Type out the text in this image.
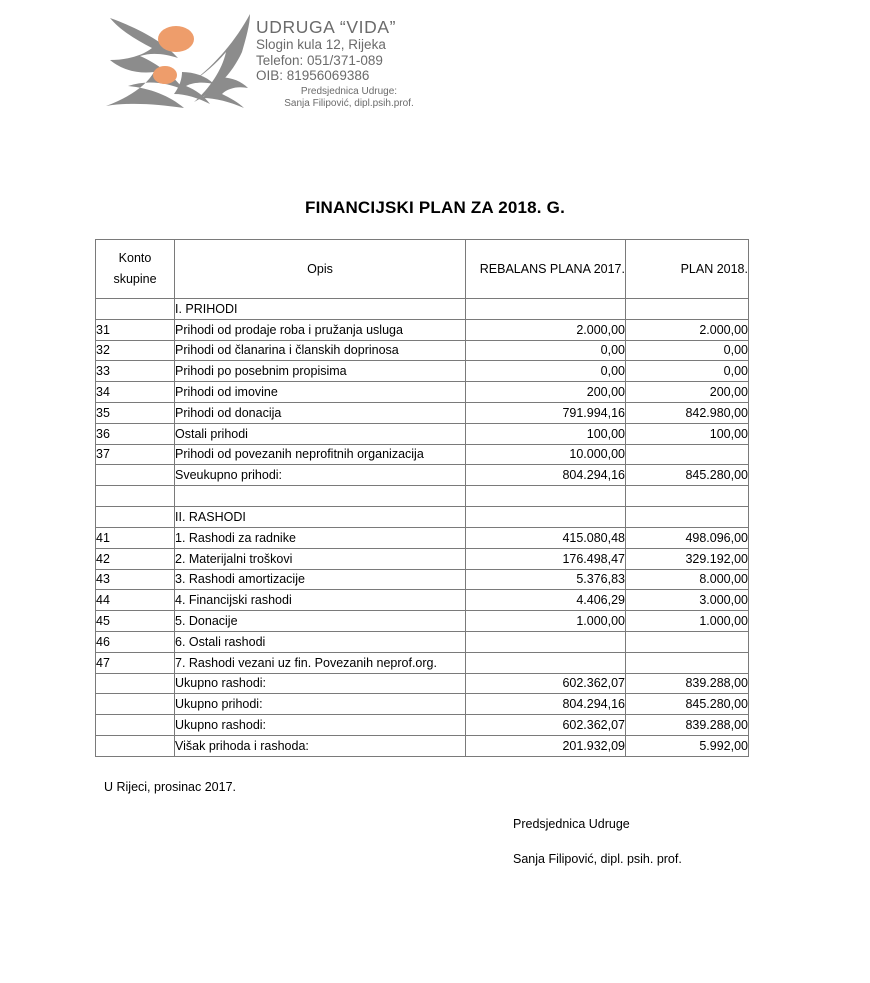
UDRUGA “VIDA”
Slogin kula 12, Rijeka
Telefon: 051/371-089
OIB: 81956069386
Predsjednica Udruge:
Sanja Filipović, dipl.psih.prof.
FINANCIJSKI PLAN ZA 2018. G.
Konto
skupine	Opis	REBALANS PLANA 2017.	PLAN 2018.
	I. PRIHODI		
31	Prihodi od prodaje roba i pružanja usluga	2.000,00	2.000,00
32	Prihodi od članarina i članskih doprinosa	0,00	0,00
33	Prihodi po posebnim propisima	0,00	0,00
34	Prihodi od imovine	200,00	200,00
35	Prihodi od donacija	791.994,16	842.980,00
36	Ostali prihodi	100,00	100,00
37	Prihodi od povezanih neprofitnih organizacija	10.000,00	
	Sveukupno prihodi:	804.294,16	845.280,00

	II. RASHODI		
41	1. Rashodi za radnike	415.080,48	498.096,00
42	2. Materijalni troškovi	176.498,47	329.192,00
43	3. Rashodi amortizacije	5.376,83	8.000,00
44	4. Financijski rashodi	4.406,29	3.000,00
45	5. Donacije	1.000,00	1.000,00
46	6. Ostali rashodi		
47	7. Rashodi vezani uz fin. Povezanih neprof.org.		
	Ukupno rashodi:	602.362,07	839.288,00
	Ukupno prihodi:	804.294,16	845.280,00
	Ukupno rashodi:	602.362,07	839.288,00
	Višak prihoda i rashoda:	201.932,09	5.992,00
U Rijeci, prosinac 2017.
Predsjednica Udruge
Sanja Filipović, dipl. psih. prof.
